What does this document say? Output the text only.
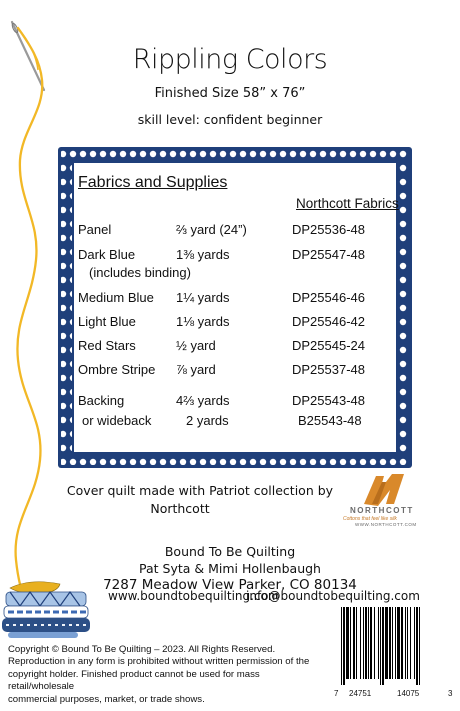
Rippling Colors
Finished Size 58” x 76”
skill level: confident beginner
Fabrics and Supplies
Northcott Fabrics
Panel	⅔ yard (24”)	DP25536-48
Dark Blue	1⅜ yards	DP25547-48
(includes binding)
Medium Blue 1¼ yards	DP25546-46
Light Blue	1⅛ yards	DP25546-42
Red Stars	½ yard	DP25545-24
Ombre Stripe ⅞ yard	DP25537-48
Backing	4⅔ yards	DP25543-48
or wideback	2 yards	B25543-48
Cover quilt made with Patriot collection by
Northcott	NORTHCOTT
Cottons that feel like silk
WWW.NORTHCOTT.COM
Bound To Be Quilting
Pat Syta & Mimi Hollenbaugh
7287 Meadow View Parker, CO 80134
www.boundtobequilting.com
info@boundtobequilting.com
Copyright © Bound To Be Quilting – 2023. All Rights Reserved.
Reproduction in any form is prohibited without written permission of the
copyright holder. Finished product cannot be used for mass retail/wholesale
commercial purposes, market, or trade shows.
7 24751	14075	3
